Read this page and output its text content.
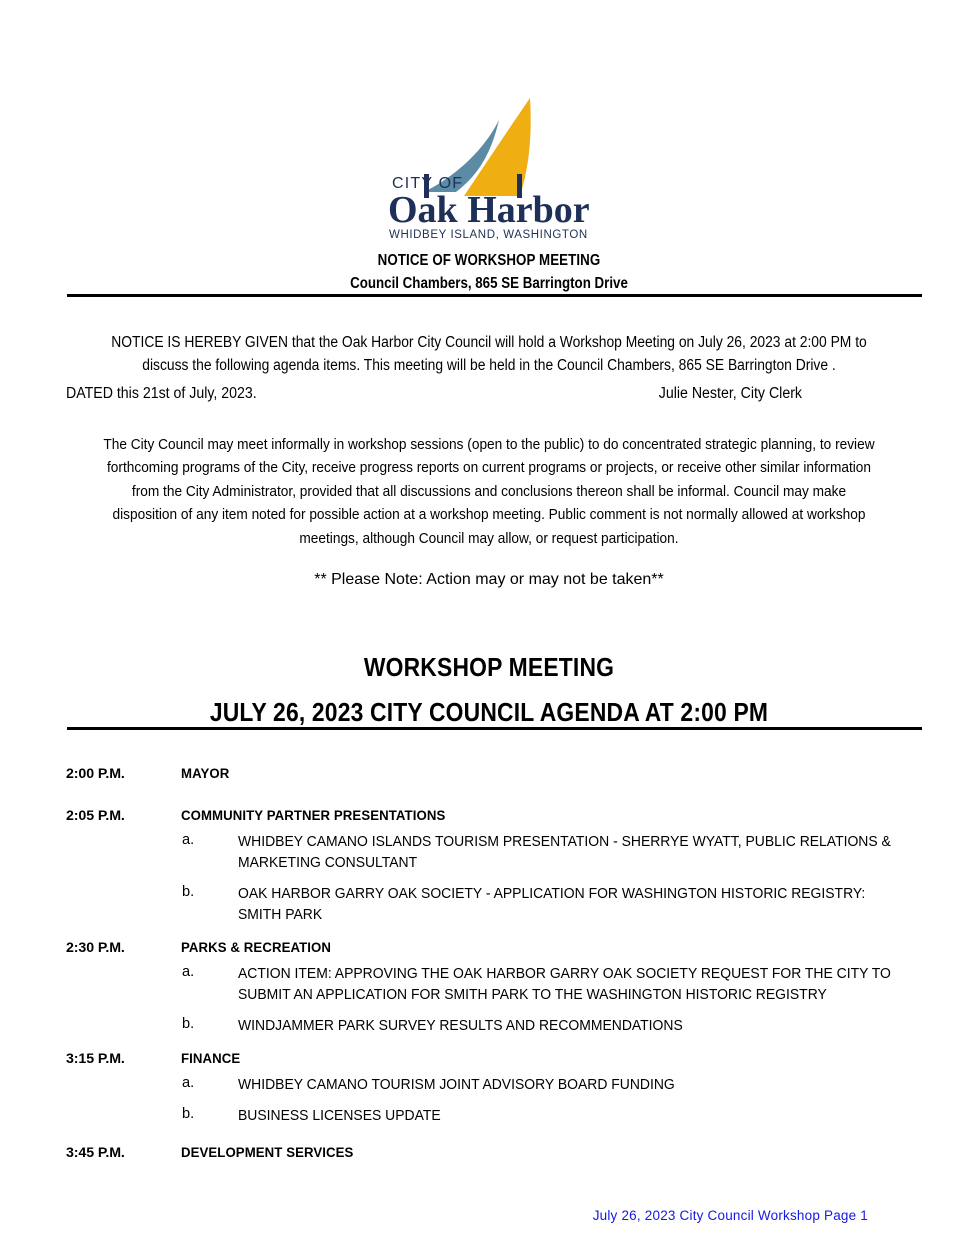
CITY OF
Oak Harbor
WHIDBEY ISLAND, WASHINGTON
NOTICE OF WORKSHOP MEETING
Council Chambers, 865 SE Barrington Drive
NOTICE IS HEREBY GIVEN that the Oak Harbor City Council will hold a Workshop Meeting on July 26, 2023 at 2:00 PM to discuss the following agenda items. This meeting will be held in the Council Chambers, 865 SE Barrington Drive .
DATED this 21st of July, 2023.	Julie Nester, City Clerk
The City Council may meet informally in workshop sessions (open to the public) to do concentrated strategic planning, to review forthcoming programs of the City, receive progress reports on current programs or projects, or receive other similar information from the City Administrator, provided that all discussions and conclusions thereon shall be informal. Council may make disposition of any item noted for possible action at a workshop meeting. Public comment is not normally allowed at workshop meetings, although Council may allow, or request participation.
** Please Note: Action may or may not be taken**
WORKSHOP MEETING
JULY 26, 2023 CITY COUNCIL AGENDA AT 2:00 PM
2:00 P.M.	MAYOR
2:05 P.M.	COMMUNITY PARTNER PRESENTATIONS
a.	WHIDBEY CAMANO ISLANDS TOURISM PRESENTATION - SHERRYE WYATT, PUBLIC RELATIONS & MARKETING CONSULTANT
b.	OAK HARBOR GARRY OAK SOCIETY - APPLICATION FOR WASHINGTON HISTORIC REGISTRY: SMITH PARK
2:30 P.M.	PARKS & RECREATION
a.	ACTION ITEM: APPROVING THE OAK HARBOR GARRY OAK SOCIETY REQUEST FOR THE CITY TO SUBMIT AN APPLICATION FOR SMITH PARK TO THE WASHINGTON HISTORIC REGISTRY
b.	WINDJAMMER PARK SURVEY RESULTS AND RECOMMENDATIONS
3:15 P.M.	FINANCE
a.	WHIDBEY CAMANO TOURISM JOINT ADVISORY BOARD FUNDING
b.	BUSINESS LICENSES UPDATE
3:45 P.M.	DEVELOPMENT SERVICES
July 26, 2023 City Council Workshop Page 1
